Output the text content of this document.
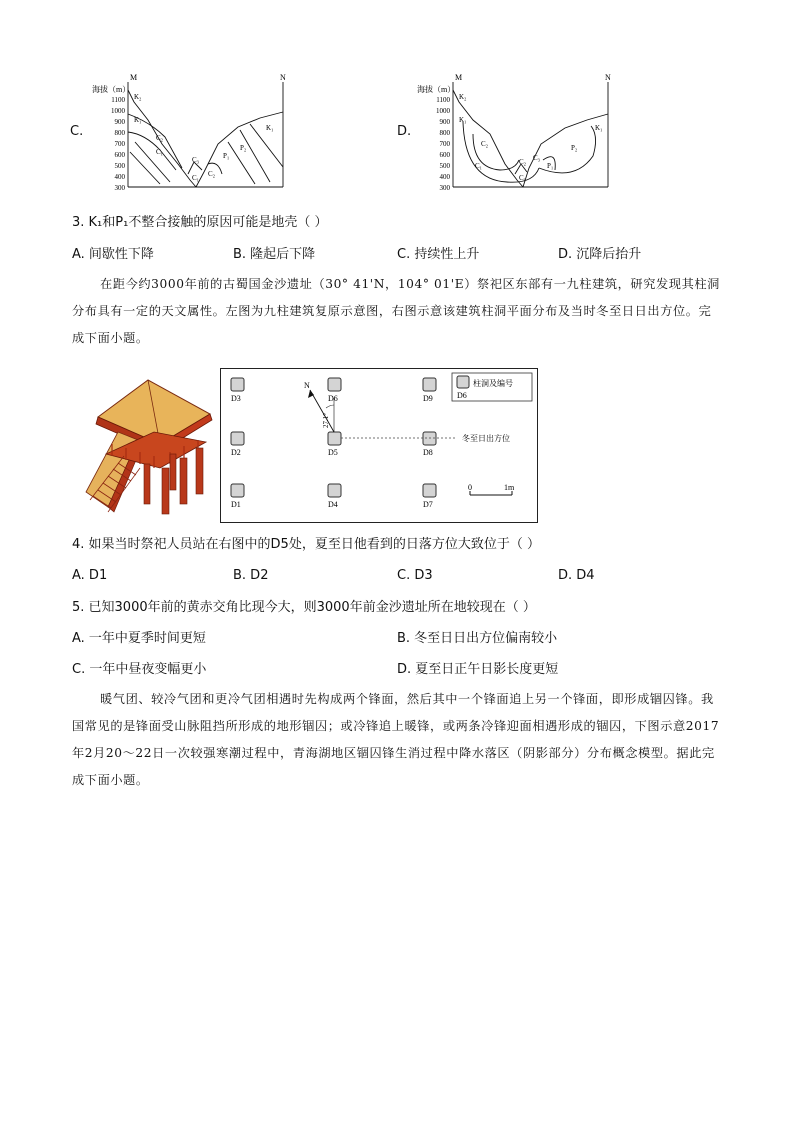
C.
M	N
海拔（m）
1100
1000
900
800
700
600
500
400
300
K₂
K₁
C₂
C₁
C₃
C₂
C₁
P₁
P₂
K₁	D.
M	N
海拔（m）
1100
1000
900
800
700
600
500
400
300
K₂
K₁
C₂
C₁	C₂
C₁
C₃
P₁
P₂
K₁
3. K₁和P₁不整合接触的原因可能是地壳（ ）
A. 间歇性下降	B. 隆起后下降	C. 持续性上升	D. 沉降后抬升
在距今约3000年前的古蜀国金沙遗址（30° 41'N，104° 01'E）祭祀区东部有一九柱建筑，研究发现其柱洞分布具有一定的天文属性。左图为九柱建筑复原示意图，右图示意该建筑柱洞平面分布及当时冬至日日出方位。完成下面小题。
D3	D6	D9
D2	D5	D8
D1	D4	D7
柱洞及编号
D6
N
27.1°
冬至日出方位
0	1m
4. 如果当时祭祀人员站在右图中的D5处，夏至日他看到的日落方位大致位于（ ）
A. D1	B. D2	C. D3	D. D4
5. 已知3000年前的黄赤交角比现今大，则3000年前金沙遗址所在地较现在（ ）
A. 一年中夏季时间更短	B. 冬至日日出方位偏南较小
C. 一年中昼夜变幅更小	D. 夏至日正午日影长度更短
暖气团、较冷气团和更冷气团相遇时先构成两个锋面，然后其中一个锋面追上另一个锋面，即形成锢囚锋。我国常见的是锋面受山脉阻挡所形成的地形锢囚；或冷锋追上暖锋，或两条冷锋迎面相遇形成的锢囚，下图示意2017年2月20～22日一次较强寒潮过程中，青海湖地区锢囚锋生消过程中降水落区（阴影部分）分布概念模型。据此完成下面小题。
